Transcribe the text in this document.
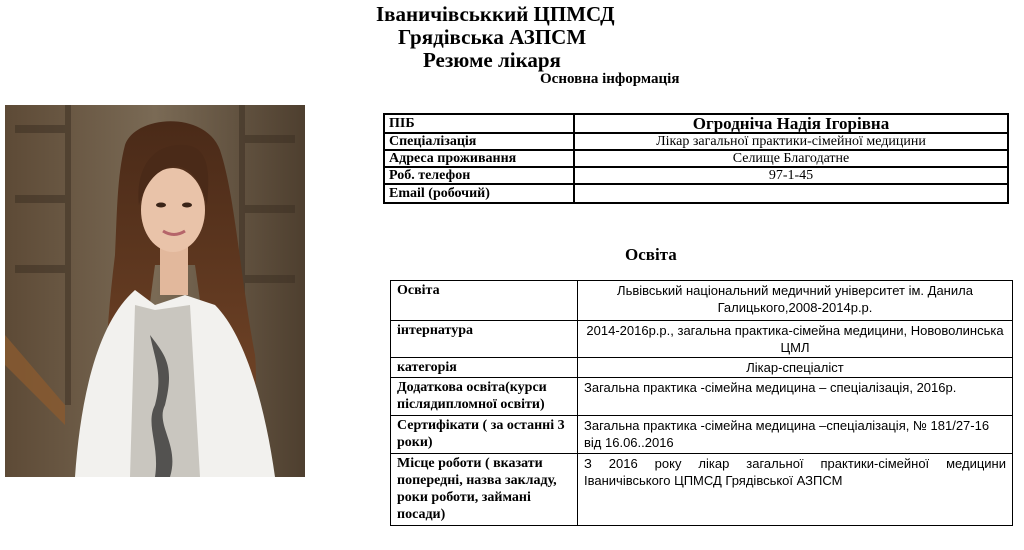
Іваничівськкий ЦПМСД
Грядівська АЗПСМ
Резюме лікаря
Основна інформація
ПІБ	Огродніча Надія Ігорівна
Спеціалізація	Лікар загальної практики-сімейної медицини
Адреса проживання	Селище Благодатне
Роб. телефон	97-1-45
Email (робочий)	
Освіта
Освіта	Львівський національний медичний університет ім. Данила Галицького,2008-2014р.р.
інтернатура	2014-2016р.р., загальна практика-сімейна медицини, Нововолинська ЦМЛ
категорія	Лікар-спеціаліст
Додаткова освіта(курси післядипломної освіти)	Загальна практика -сімейна медицина – спеціалізація, 2016р.
Сертифікати ( за останні 3 роки)	Загальна практика -сімейна медицина –спеціалізація, № 181/27-16 від 16.06..2016
Місце роботи ( вказати попередні, назва закладу, роки роботи, займані посади)	З 2016 року лікар загальної практики-сімейної медицини Іваничівського ЦПМСД Грядівської АЗПСМ
